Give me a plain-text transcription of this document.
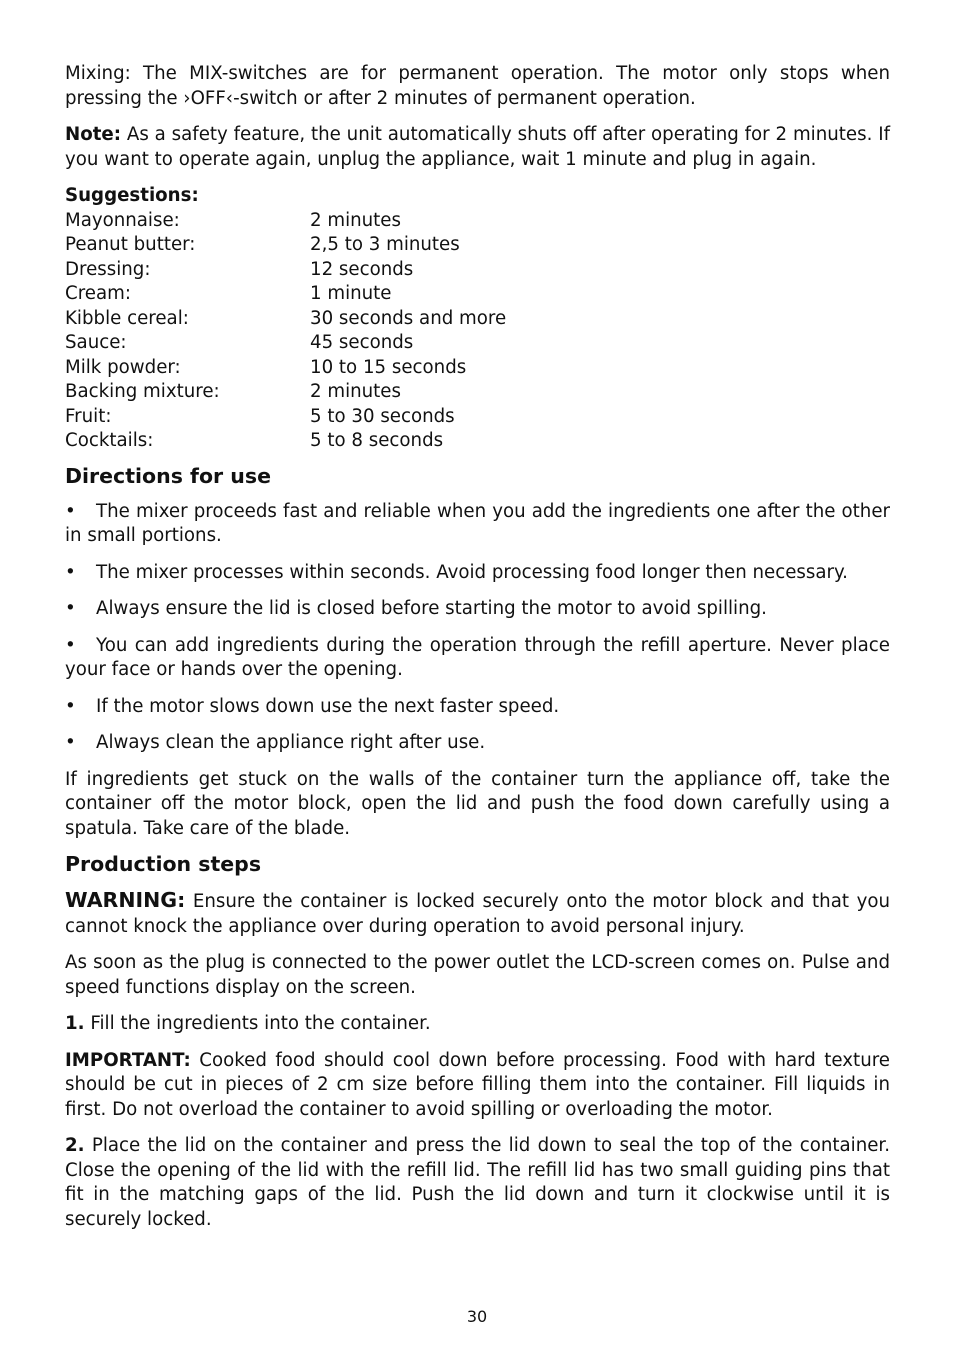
Mixing: The MIX-switches are for permanent operation. The motor only stops when pressing the ›OFF‹-switch or after 2 minutes of permanent operation.

Note: As a safety feature, the unit automatically shuts off after operating for 2 minutes. If you want to operate again, unplug the appliance, wait 1 minute and plug in again.

Suggestions:
Mayonnaise:	2 minutes
Peanut butter:	2,5 to 3 minutes
Dressing:	12 seconds
Cream:	1 minute
Kibble cereal:	30 seconds and more
Sauce:	45 seconds
Milk powder:	10 to 15 seconds
Backing mixture:	2 minutes
Fruit:	5 to 30 seconds
Cocktails:	5 to 8 seconds
Directions for use

• The mixer proceeds fast and reliable when you add the ingredients one after the other in small portions.

• The mixer processes within seconds. Avoid processing food longer then necessary.

• Always ensure the lid is closed before starting the motor to avoid spilling.

• You can add ingredients during the operation through the refill aperture. Never place your face or hands over the opening.

• If the motor slows down use the next faster speed.

• Always clean the appliance right after use.

If ingredients get stuck on the walls of the container turn the appliance off, take the container off the motor block, open the lid and push the food down carefully using a spatula. Take care of the blade.

Production steps

WARNING: Ensure the container is locked securely onto the motor block and that you cannot knock the appliance over during operation to avoid personal injury.

As soon as the plug is connected to the power outlet the LCD-screen comes on. Pulse and speed functions display on the screen.

1. Fill the ingredients into the container.

IMPORTANT: Cooked food should cool down before processing. Food with hard texture should be cut in pieces of 2 cm size before filling them into the container. Fill liquids in first. Do not overload the container to avoid spilling or overloading the motor.

2. Place the lid on the container and press the lid down to seal the top of the container. Close the opening of the lid with the refill lid. The refill lid has two small guiding pins that fit in the matching gaps of the lid. Push the lid down and turn it clockwise until it is securely locked.

30
